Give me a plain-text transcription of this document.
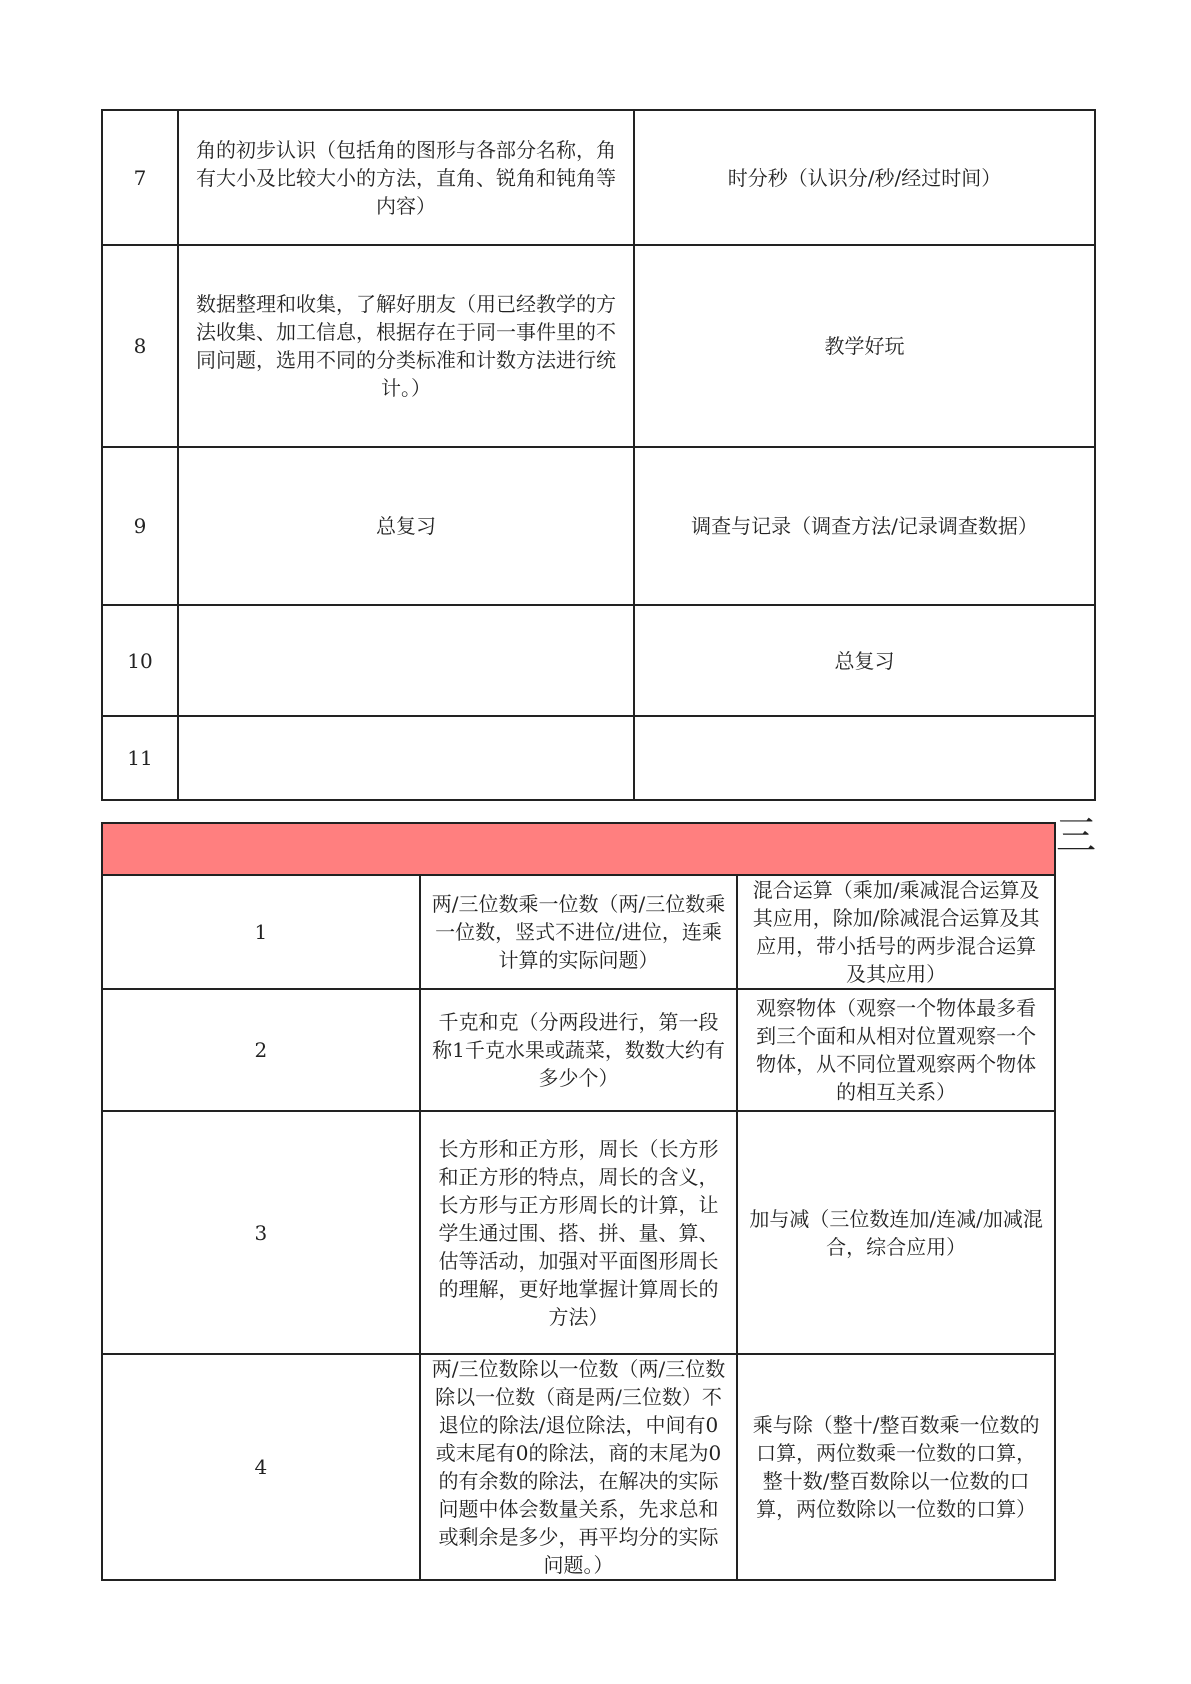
7	角的初步认识（包括角的图形与各部分名称，角有大小及比较大小的方法，直角、锐角和钝角等内容）	时分秒（认识分/秒/经过时间）
8	数据整理和收集，了解好朋友（用已经教学的方法收集、加工信息，根据存在于同一事件里的不同问题，选用不同的分类标准和计数方法进行统计。）	教学好玩
9	总复习	调查与记录（调查方法/记录调查数据）
10		总复习
11		
三

1	两/三位数乘一位数（两/三位数乘一位数，竖式不进位/进位，连乘计算的实际问题）	混合运算（乘加/乘减混合运算及其应用，除加/除减混合运算及其应用，带小括号的两步混合运算及其应用）
2	千克和克（分两段进行，第一段称1千克水果或蔬菜，数数大约有多少个）	观察物体（观察一个物体最多看到三个面和从相对位置观察一个物体，从不同位置观察两个物体的相互关系）
3	长方形和正方形，周长（长方形和正方形的特点，周长的含义，长方形与正方形周长的计算，让学生通过围、搭、拼、量、算、估等活动，加强对平面图形周长的理解，更好地掌握计算周长的方法）	加与减（三位数连加/连减/加减混合，综合应用）
4	两/三位数除以一位数（两/三位数除以一位数（商是两/三位数）不退位的除法/退位除法，中间有0 或末尾有0的除法，商的末尾为0的有余数的除法，在解决的实际问题中体会数量关系，先求总和或剩余是多少，再平均分的实际问题。）	乘与除（整十/整百数乘一位数的口算，两位数乘一位数的口算，整十数/整百数除以一位数的口算，两位数除以一位数的口算）
